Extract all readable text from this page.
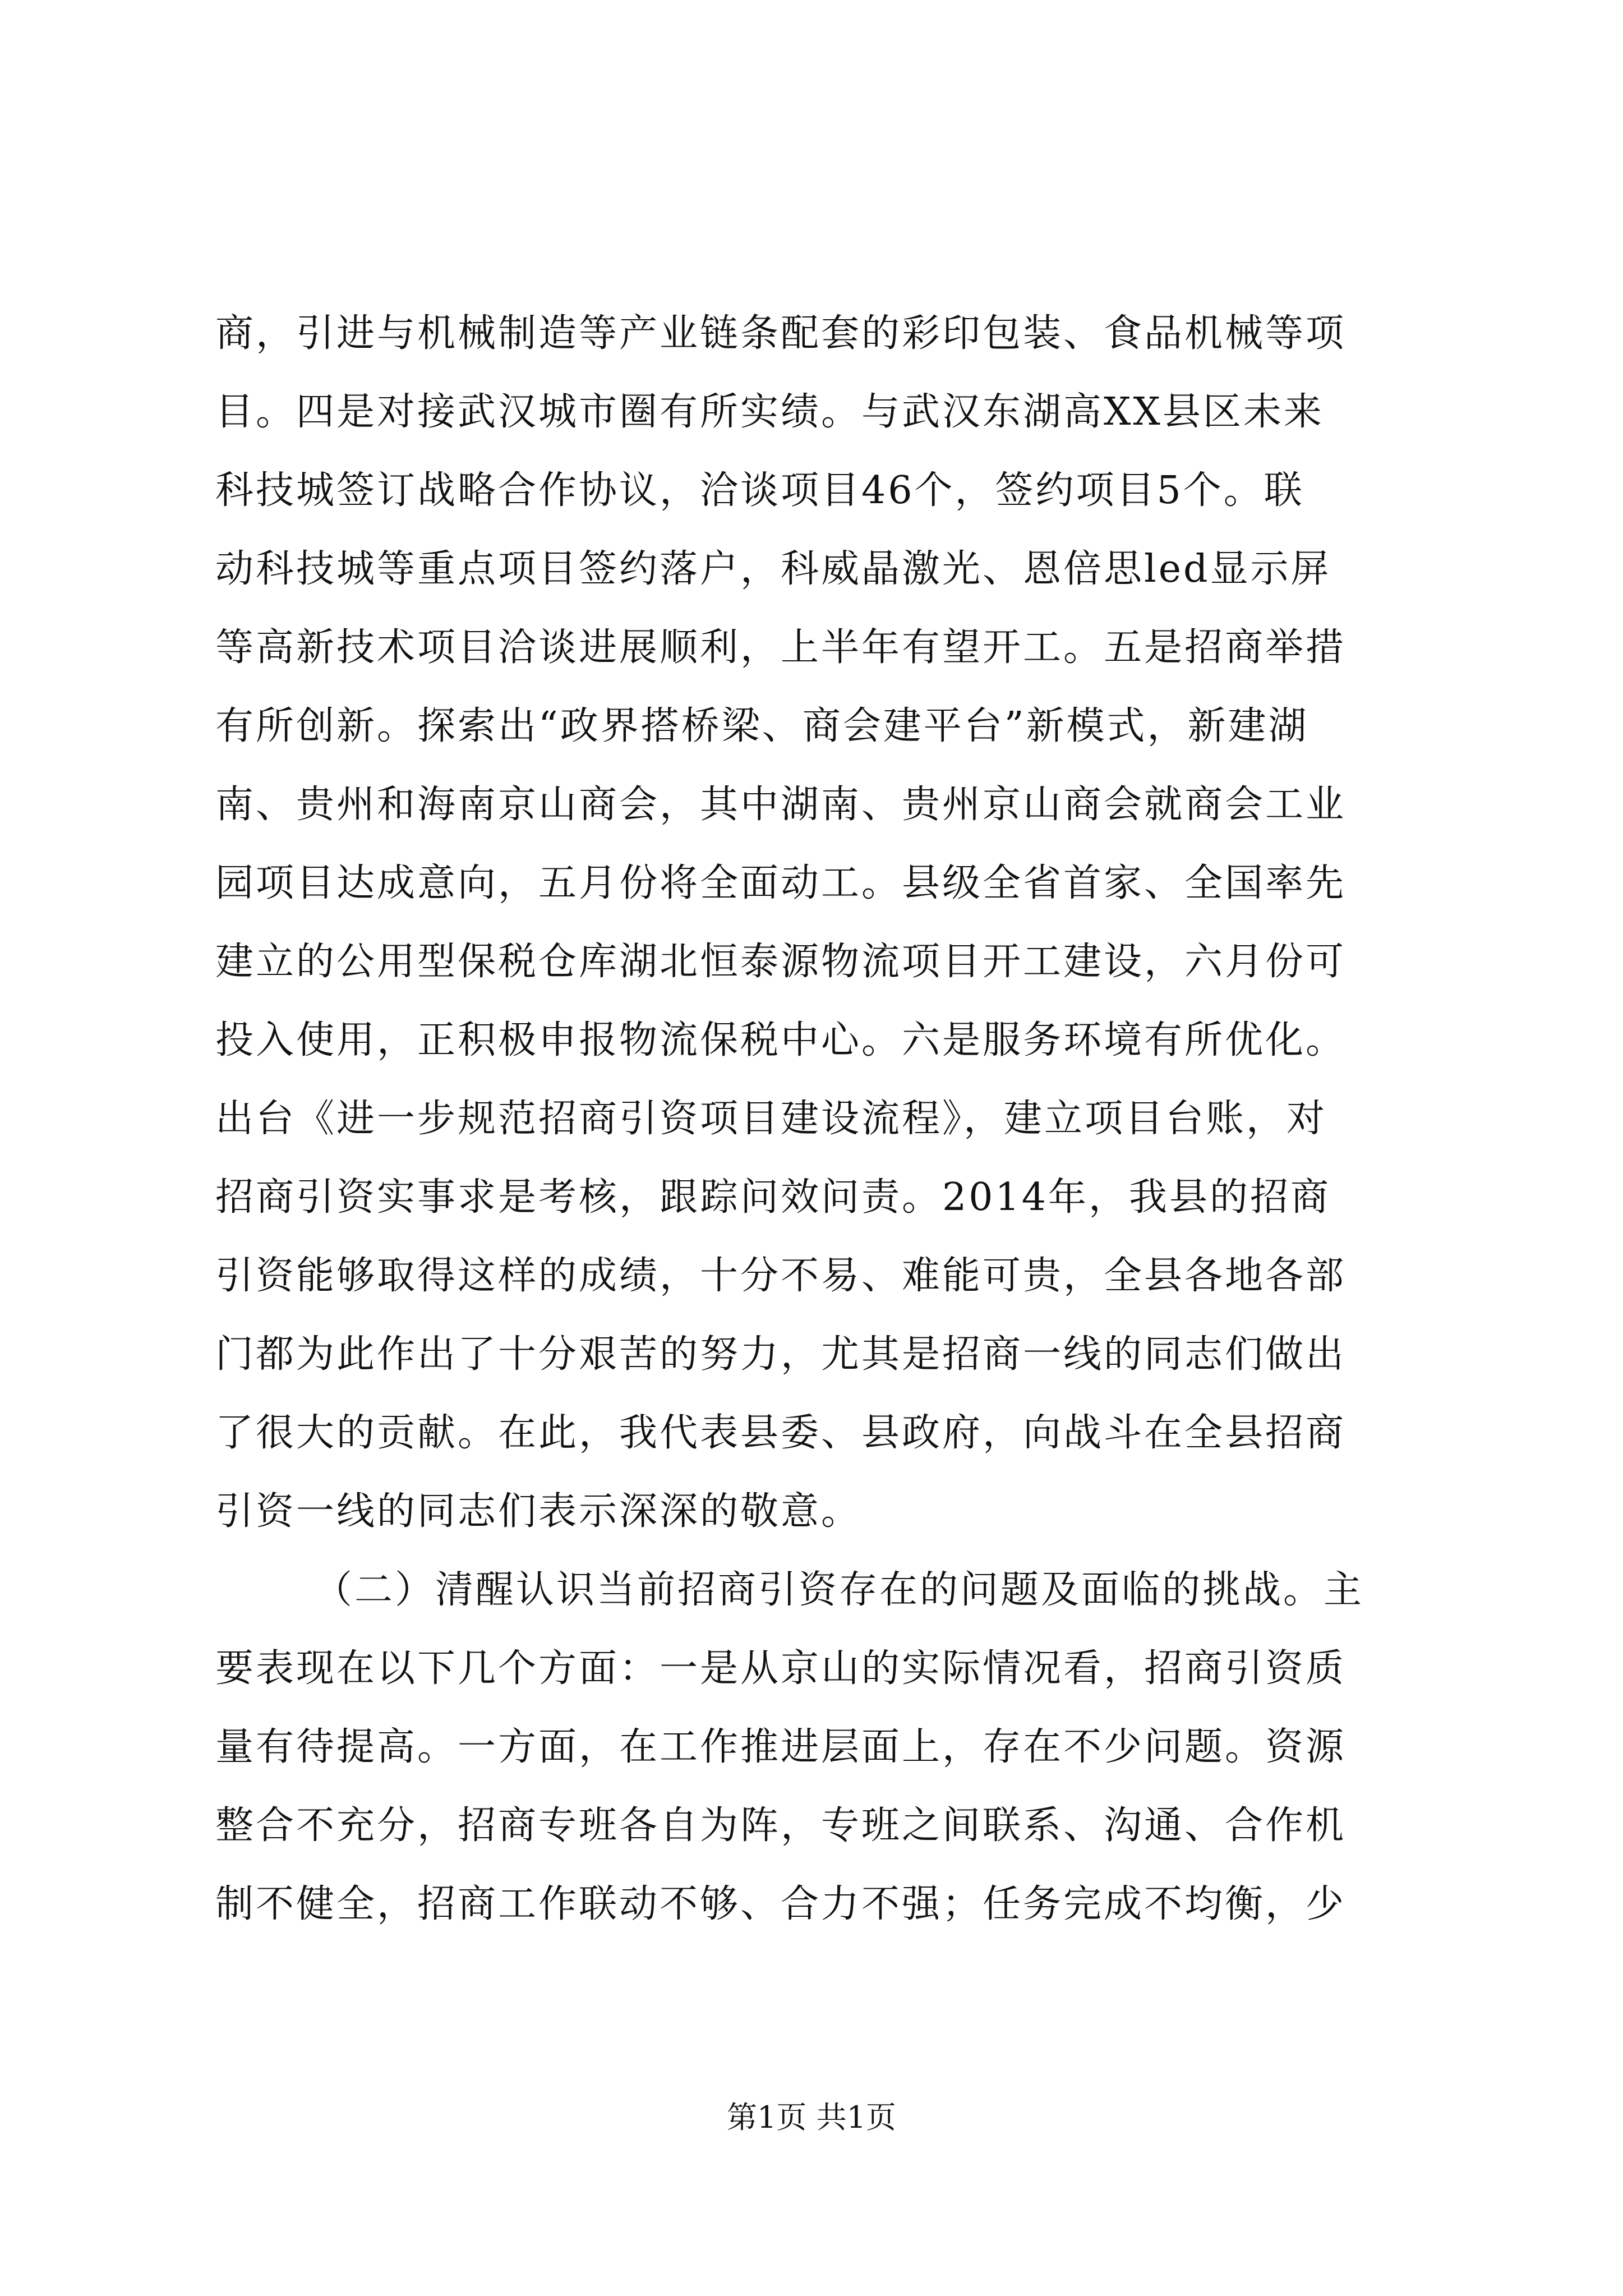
商，引进与机械制造等产业链条配套的彩印包装、食品机械等项

目。四是对接武汉城市圈有所实绩。与武汉东湖高XX县区未来

科技城签订战略合作协议，洽谈项目46个，签约项目5个。联

动科技城等重点项目签约落户，科威晶激光、恩倍思led显示屏

等高新技术项目洽谈进展顺利，上半年有望开工。五是招商举措

有所创新。探索出“政界搭桥梁、商会建平台”新模式，新建湖

南、贵州和海南京山商会，其中湖南、贵州京山商会就商会工业

园项目达成意向，五月份将全面动工。县级全省首家、全国率先

建立的公用型保税仓库湖北恒泰源物流项目开工建设，六月份可

投入使用，正积极申报物流保税中心。六是服务环境有所优化。

出台《进一步规范招商引资项目建设流程》，建立项目台账，对

招商引资实事求是考核，跟踪问效问责。2014年，我县的招商

引资能够取得这样的成绩，十分不易、难能可贵，全县各地各部

门都为此作出了十分艰苦的努力，尤其是招商一线的同志们做出

了很大的贡献。在此，我代表县委、县政府，向战斗在全县招商

引资一线的同志们表示深深的敬意。

（二）清醒认识当前招商引资存在的问题及面临的挑战。主

要表现在以下几个方面：一是从京山的实际情况看，招商引资质

量有待提高。一方面，在工作推进层面上，存在不少问题。资源

整合不充分，招商专班各自为阵，专班之间联系、沟通、合作机

制不健全，招商工作联动不够、合力不强；任务完成不均衡，少

第1页 共1页
